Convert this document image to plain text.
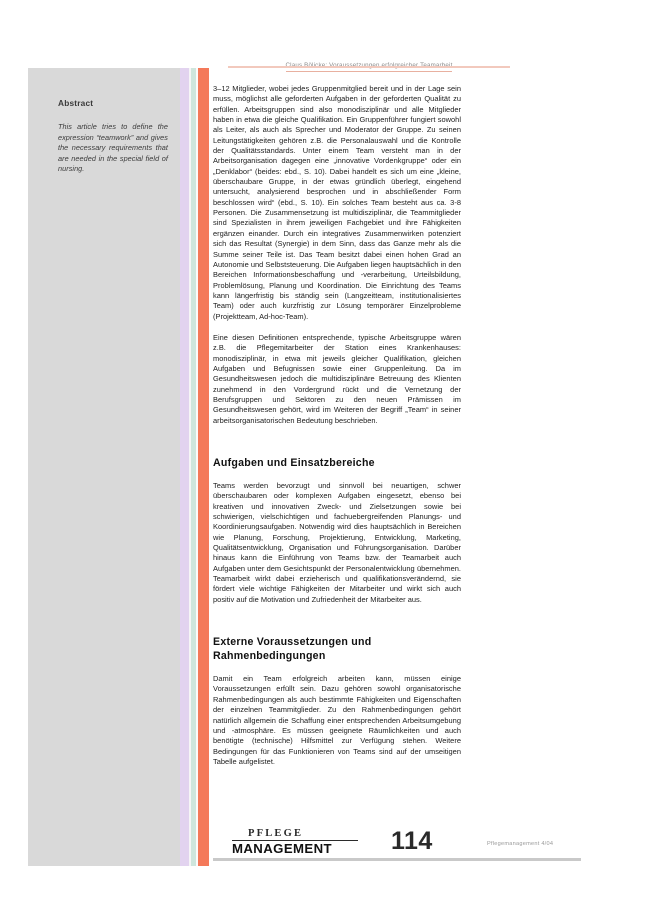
Abstract
This article tries to define the expression “teamwork” and gives the necessary requirements that are needed in the special field of nursing.

3–12 Mitglieder, wobei jedes Gruppenmitglied bereit und in der Lage sein muss, möglichst alle geforderten Aufgaben in der geforderten Qualität zu erfüllen. Arbeitsgruppen sind also monodisziplinär und alle Mitglieder haben in etwa die gleiche Qualifikation. Ein Gruppenführer fungiert sowohl als Leiter, als auch als Sprecher und Moderator der Gruppe. Zu seinen Leitungstätigkeiten gehören z.B. die Personalauswahl und die Kontrolle der Qualitätsstandards. Unter einem Team versteht man in der Arbeitsorganisation dagegen eine „innovative Vordenkgruppe“ oder ein „Denklabor“ (beides: ebd., S. 10). Dabei handelt es sich um eine „kleine, überschaubare Gruppe, in der etwas gründlich überlegt, eingehend untersucht, analysierend besprochen und in abschließender Form beschlossen wird“ (ebd., S. 10). Ein solches Team besteht aus ca. 3-8 Personen. Die Zusammensetzung ist multidisziplinär, die Teammitglieder sind Spezialisten in ihrem jeweiligen Fachgebiet und ihre Fähigkeiten ergänzen einander. Durch ein integratives Zusammenwirken potenziert sich das Resultat (Synergie) in dem Sinn, dass das Ganze mehr als die Summe seiner Teile ist. Das Team besitzt dabei einen hohen Grad an Autonomie und Selbststeuerung. Die Aufgaben liegen hauptsächlich in den Bereichen Informationsbeschaffung und -verarbeitung, Urteilsbildung, Problemlösung, Planung und Koordination. Die Einrichtung des Teams kann längerfristig bis ständig sein (Langzeitteam, institutionalisiertes Team) oder auch kurzfristig zur Lösung temporärer Einzelprobleme (Projektteam, Ad-hoc-Team).

Eine diesen Definitionen entsprechende, typische Arbeitsgruppe wären z.B. die Pflegemitarbeiter der Station eines Krankenhauses: monodisziplinär, in etwa mit jeweils gleicher Qualifikation, gleichen Aufgaben und Befugnissen sowie einer Gruppenleitung. Da im Gesundheitswesen jedoch die multidisziplinäre Betreuung des Klienten zunehmend in den Vordergrund rückt und die Vernetzung der Berufsgruppen und Sektoren zu den neuen Prämissen im Gesundheitswesen gehört, wird im Weiteren der Begriff „Team“ in seiner arbeitsorganisatorischen Bedeutung beschrieben.

Aufgaben und Einsatzbereiche

Teams werden bevorzugt und sinnvoll bei neuartigen, schwer überschaubaren oder komplexen Aufgaben eingesetzt, ebenso bei kreativen und innovativen Zweck- und Zielsetzungen sowie bei schwierigen, vielschichtigen und fachuebergreifenden Planungs- und Koordinierungsaufgaben. Notwendig wird dies hauptsächlich in Bereichen wie Planung, Forschung, Projektierung, Entwicklung, Marketing, Qualitätsentwicklung, Organisation und Führungsorganisation. Darüber hinaus kann die Einführung von Teams bzw. der Teamarbeit auch Aufgaben unter dem Gesichtspunkt der Personalentwicklung übernehmen. Teamarbeit wirkt dabei erzieherisch und qualifikationsverändernd, sie fördert viele wichtige Fähigkeiten der Mitarbeiter und wirkt sich auch positiv auf die Motivation und Zufriedenheit der Mitarbeiter aus.

Externe Voraussetzungen und Rahmenbedingungen

Damit ein Team erfolgreich arbeiten kann, müssen einige Voraussetzungen erfüllt sein. Dazu gehören sowohl organisatorische Rahmenbedingungen als auch bestimmte Fähigkeiten und Eigenschaften der einzelnen Teammitglieder. Zu den Rahmenbedingungen gehört natürlich allgemein die Schaffung einer entsprechenden Arbeitsumgebung und -atmosphäre. Es müssen geeignete Räumlichkeiten und auch benötigte (technische) Hilfsmittel zur Verfügung stehen. Weitere Bedingungen für das Funktionieren von Teams sind auf der umseitigen Tabelle aufgelistet.

PFLEGE
MANAGEMENT 114	Pflegemanagement 4/04
